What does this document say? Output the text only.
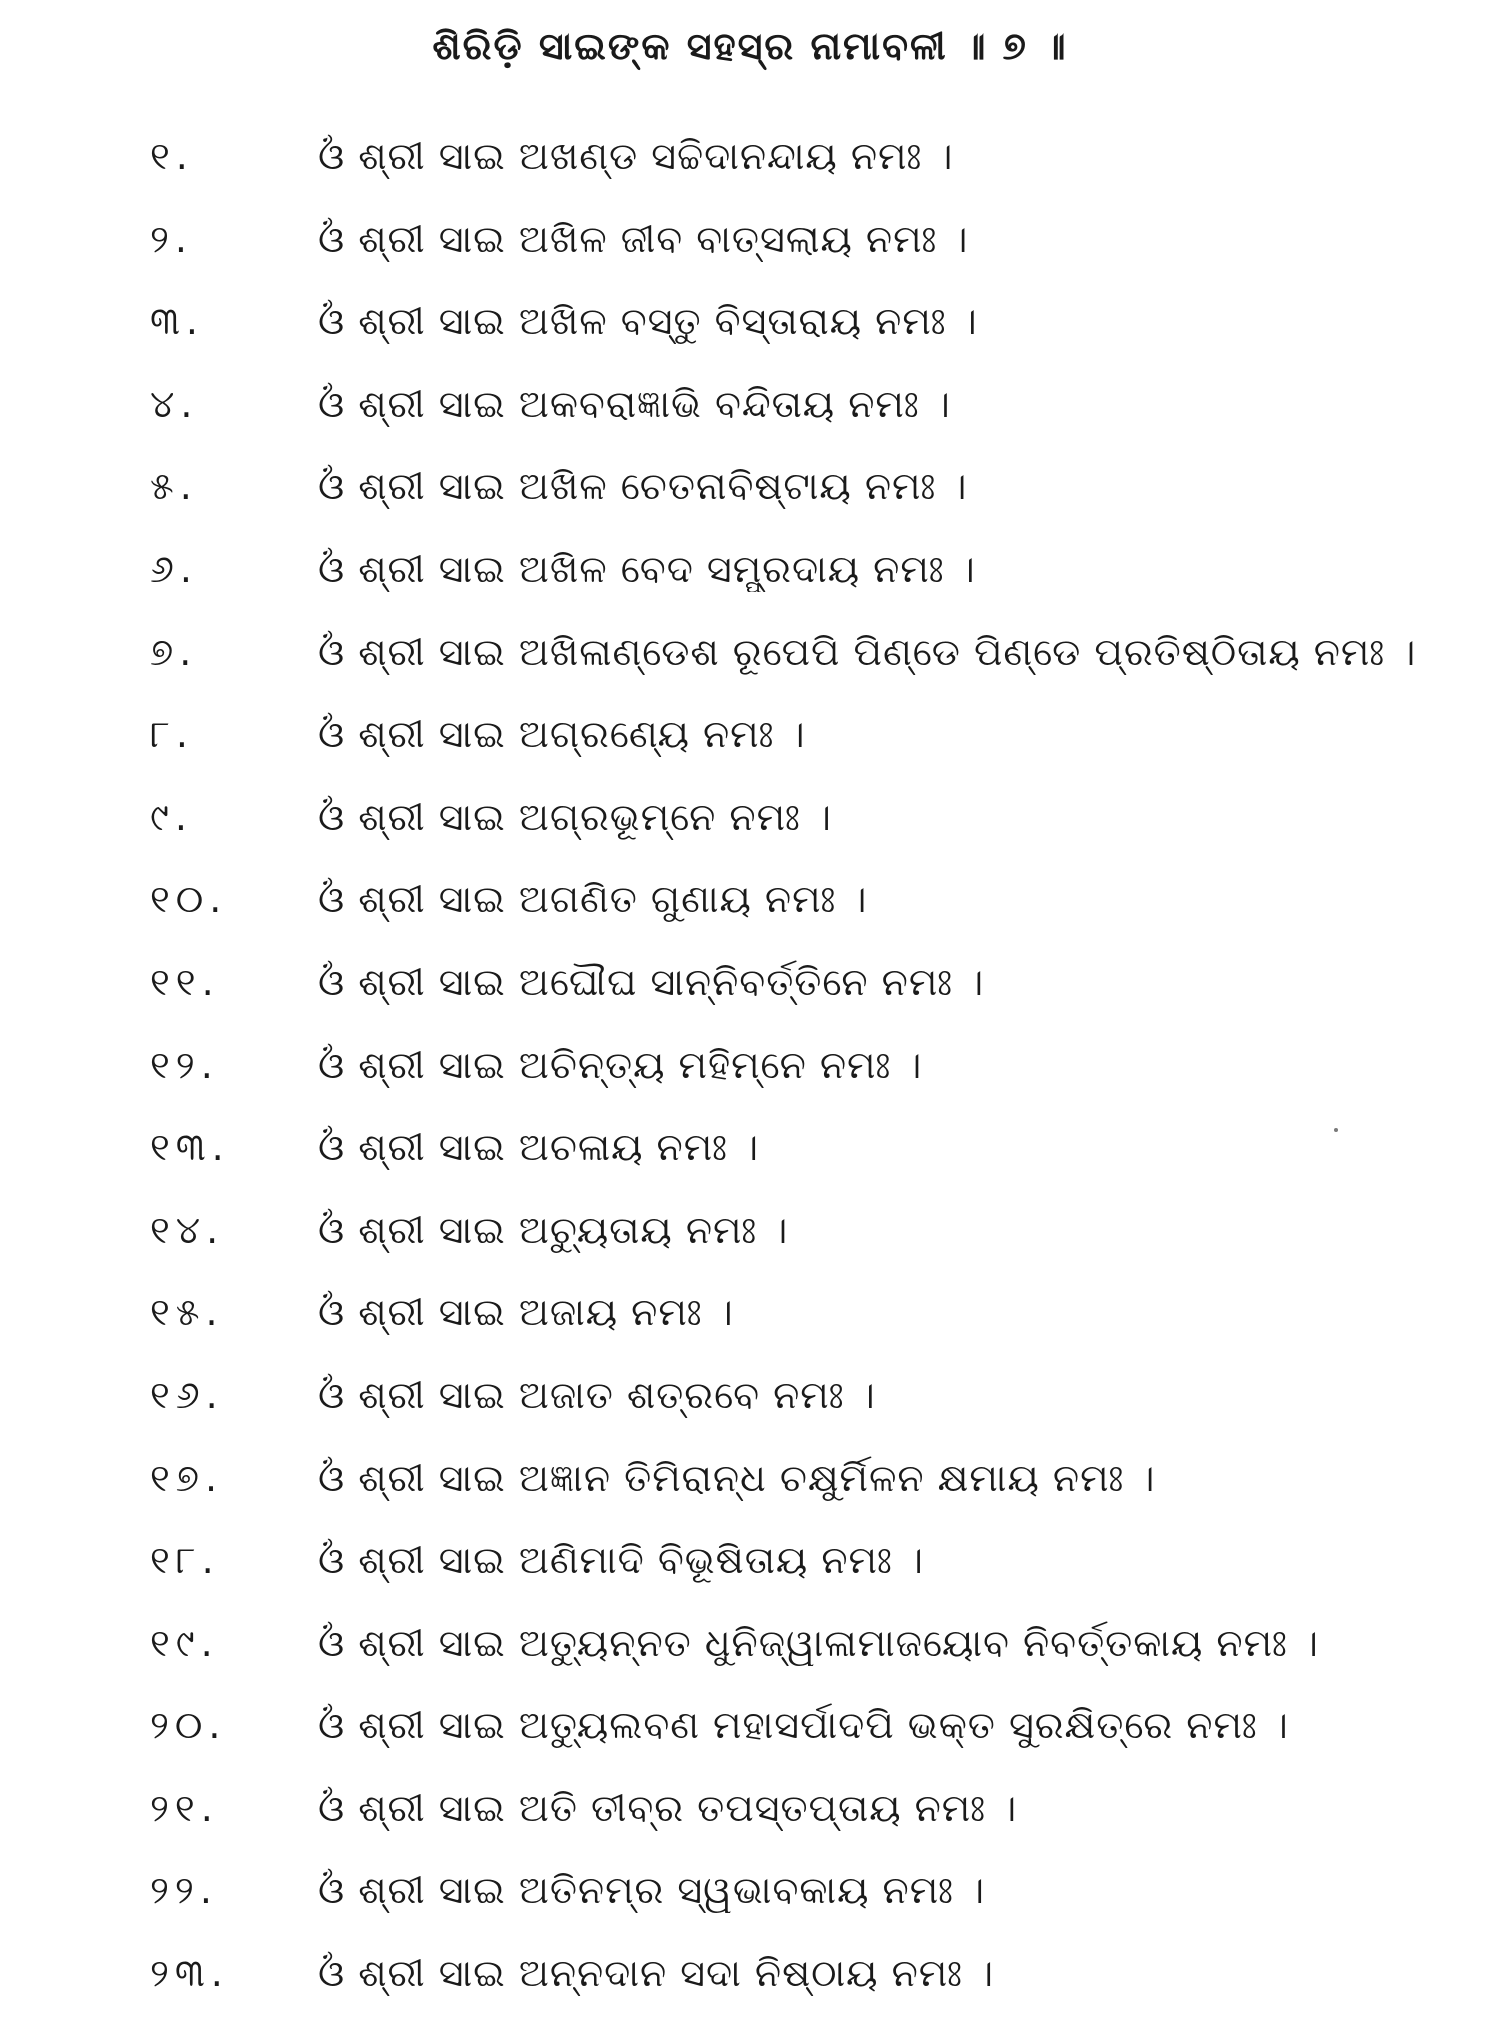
ଶିରିଡ଼ି ସାଇଙ୍କ ସହସ୍ର ନାମାବଳୀ ॥ ୭ ॥
୧.	ଓଁ ଶ୍ରୀ ସାଇ ଅଖଣ୍ଡ ସଚ୍ଚିଦାନନ୍ଦାୟ ନମଃ ।
୨.	ଓଁ ଶ୍ରୀ ସାଇ ଅଖିଳ ଜୀବ ବାତ୍ସଲାୟ ନମଃ ।
୩.	ଓଁ ଶ୍ରୀ ସାଇ ଅଖିଳ ବସ୍ତୁ ବିସ୍ତାରାୟ ନମଃ ।
୪.	ଓଁ ଶ୍ରୀ ସାଇ ଅକବରାଜ୍ଞାଭି ବନ୍ଦିତାୟ ନମଃ ।
୫.	ଓଁ ଶ୍ରୀ ସାଇ ଅଖିଳ ଚେତନାବିଷ୍ଟାୟ ନମଃ ।
୬.	ଓଁ ଶ୍ରୀ ସାଇ ଅଖିଳ ବେଦ ସମ୍ପ୍ରଦାୟ ନମଃ ।
୭.	ଓଁ ଶ୍ରୀ ସାଇ ଅଖିଳାଣ୍ଡେଶ ରୂପେପି ପିଣ୍ଡେ ପିଣ୍ଡେ ପ୍ରତିଷ୍ଠିତାୟ ନମଃ ।
୮.	ଓଁ ଶ୍ରୀ ସାଇ ଅଗ୍ରଣ୍ୟେ ନମଃ ।
୯.	ଓଁ ଶ୍ରୀ ସାଇ ଅଗ୍ରଭୂମ୍ନେ ନମଃ ।
୧୦. ଓଁ ଶ୍ରୀ ସାଇ ଅଗଣିତ ଗୁଣାୟ ନମଃ ।
୧୧.	ଓଁ ଶ୍ରୀ ସାଇ ଅଘୌଘ ସାନ୍ନିବର୍ତ୍ତିନେ ନମଃ ।
୧୨.	ଓଁ ଶ୍ରୀ ସାଇ ଅଚିନ୍ତ୍ୟ ମହିମ୍ନେ ନମଃ ।
୧୩. ଓଁ ଶ୍ରୀ ସାଇ ଅଚଳାୟ ନମଃ ।
୧୪. ଓଁ ଶ୍ରୀ ସାଇ ଅଚ୍ୟୁତାୟ ନମଃ ।
୧୫. ଓଁ ଶ୍ରୀ ସାଇ ଅଜାୟ ନମଃ ।
୧୬. ଓଁ ଶ୍ରୀ ସାଇ ଅଜାତ ଶତ୍ରବେ ନମଃ ।
୧୭. ଓଁ ଶ୍ରୀ ସାଇ ଅଜ୍ଞାନ ତିମିରାନ୍ଧ ଚକ୍ଷୁର୍ମିଳନ କ୍ଷମାୟ ନମଃ ।
୧୮.	ଓଁ ଶ୍ରୀ ସାଇ ଅଣିମାଦି ବିଭୂଷିତାୟ ନମଃ ।
୧୯.	ଓଁ ଶ୍ରୀ ସାଇ ଅତ୍ୟୁନ୍ନତ ଧୁନିଜ୍ୱାଳାମାଜୟୋବ ନିବର୍ତ୍ତକାୟ ନମଃ ।
୨୦. ଓଁ ଶ୍ରୀ ସାଇ ଅତ୍ୟୁଲବଣ ମହାସର୍ପାଦପି ଭକ୍ତ ସୁରକ୍ଷିତ୍ରେ ନମଃ ।
୨୧.	ଓଁ ଶ୍ରୀ ସାଇ ଅତି ତୀବ୍ର ତପସ୍ତପ୍ତାୟ ନମଃ ।
୨୨.	ଓଁ ଶ୍ରୀ ସାଇ ଅତିନମ୍ର ସ୍ୱଭାବକାୟ ନମଃ ।
୨୩. ଓଁ ଶ୍ରୀ ସାଇ ଅନ୍ନଦାନ ସଦା ନିଷ୍ଠାୟ ନମଃ ।
